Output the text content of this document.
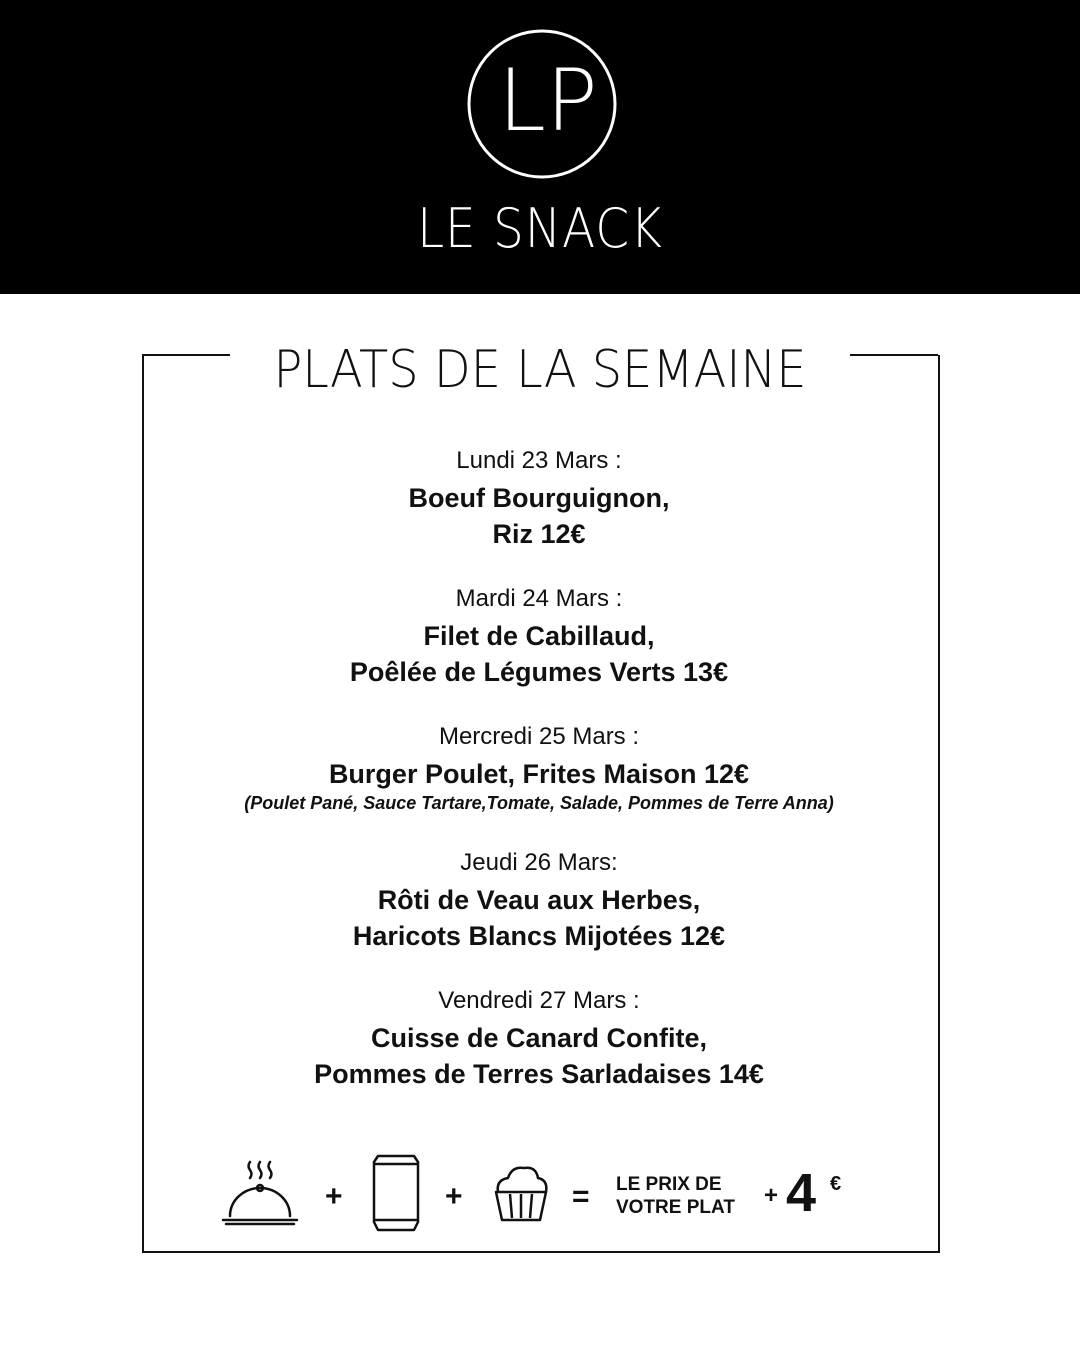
LP
LE SNACK
PLATS DE LA SEMAINE
Lundi 23 Mars :
Boeuf Bourguignon,
Riz 12€
Mardi 24 Mars :
Filet de Cabillaud,
Poêlée de Légumes Verts 13€
Mercredi 25 Mars :
Burger Poulet, Frites Maison 12€
(Poulet Pané, Sauce Tartare,Tomate, Salade, Pommes de Terre Anna)
Jeudi 26 Mars:
Rôti de Veau aux Herbes,
Haricots Blancs Mijotées 12€
Vendredi 27 Mars :
Cuisse de Canard Confite,
Pommes de Terres Sarladaises 14€
+	+	= LE PRIX DE
VOTRE PLAT + 4 €
